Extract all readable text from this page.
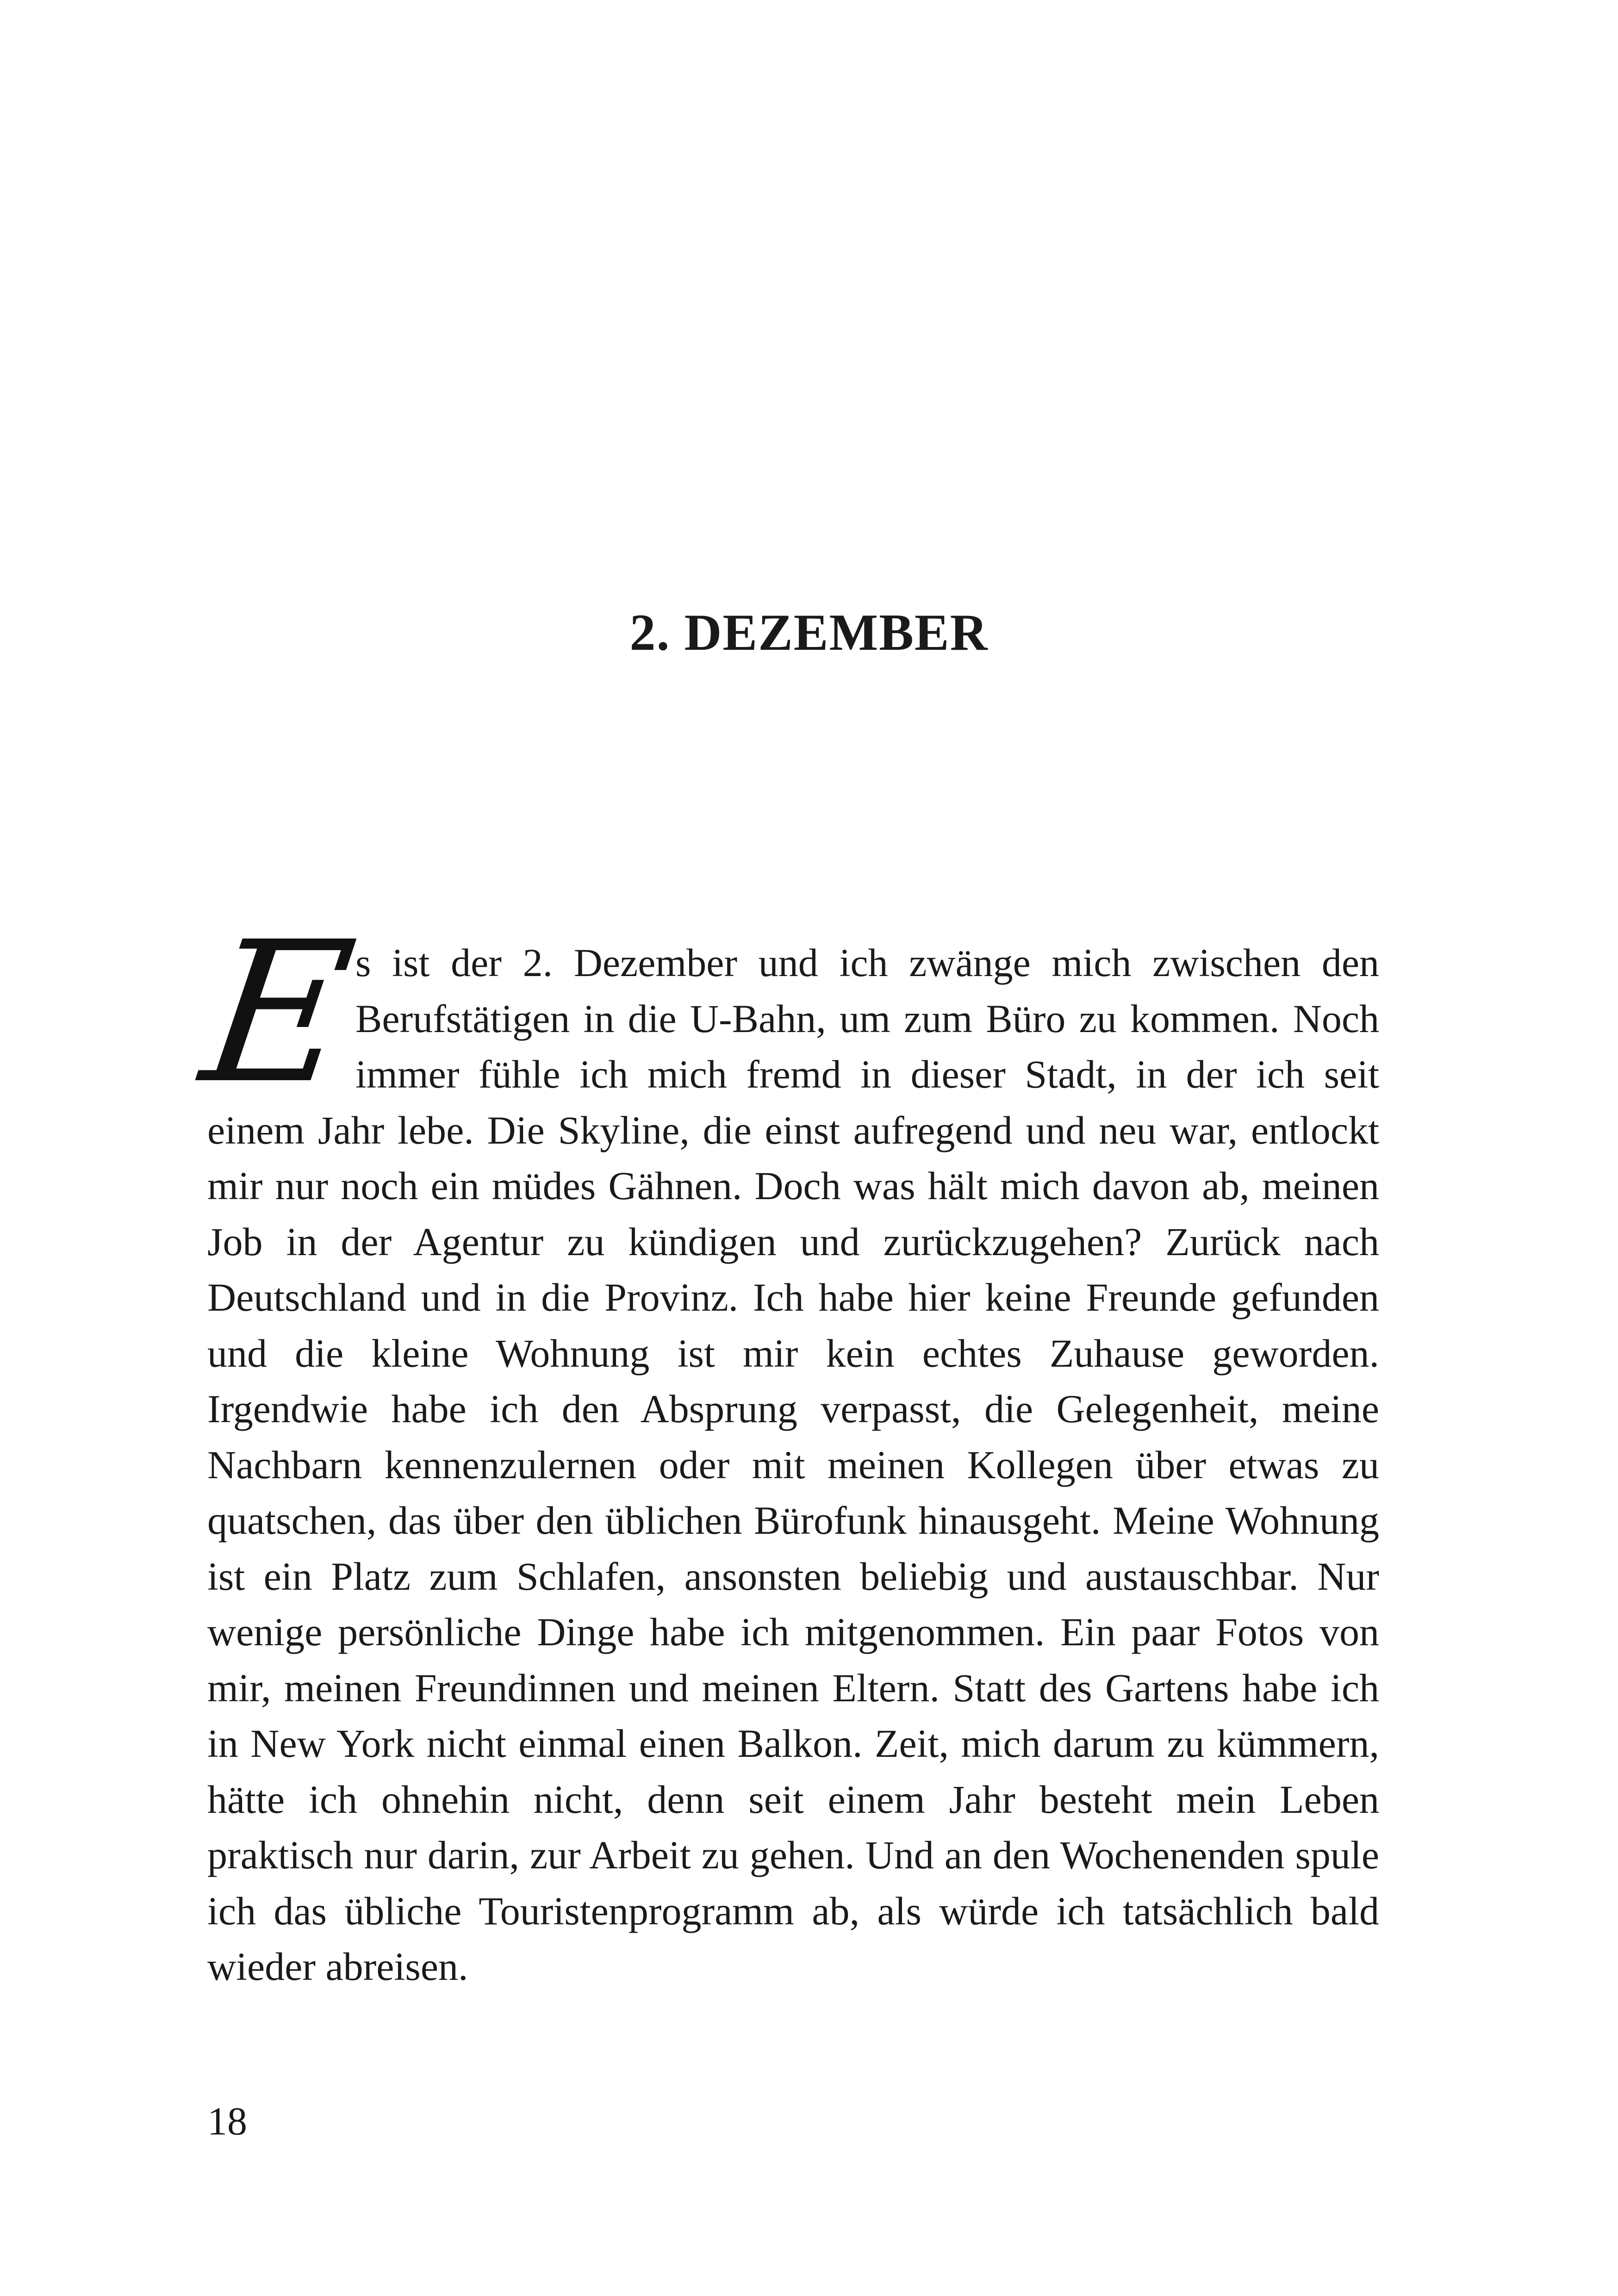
2. DEZEMBER

E
s ist der 2. Dezember und ich zwänge mich zwischen den Berufstätigen in die U-Bahn, um zum Büro zu kommen. Noch immer fühle ich mich fremd in dieser Stadt, in der ich seit einem Jahr lebe. Die Skyline, die einst aufregend und neu war, entlockt mir nur noch ein müdes Gähnen. Doch was hält mich davon ab, meinen Job in der Agentur zu kündigen und zurückzugehen? Zurück nach Deutschland und in die Provinz. Ich habe hier keine Freunde gefunden und die kleine Wohnung ist mir kein echtes Zuhause geworden. Irgendwie habe ich den Absprung verpasst, die Gelegenheit, meine Nachbarn kennenzulernen oder mit meinen Kollegen über etwas zu quatschen, das über den üblichen Bürofunk hinausgeht. Meine Wohnung ist ein Platz zum Schlafen, ansonsten beliebig und austauschbar. Nur wenige persönliche Dinge habe ich mitgenommen. Ein paar Fotos von mir, meinen Freundinnen und meinen Eltern. Statt des Gartens habe ich in New York nicht einmal einen Balkon. Zeit, mich darum zu kümmern, hätte ich ohnehin nicht, denn seit einem Jahr besteht mein Leben praktisch nur darin, zur Arbeit zu gehen. Und an den Wochenenden spule ich das übliche Touristenprogramm ab, als würde ich tatsächlich bald wieder abreisen.

18
